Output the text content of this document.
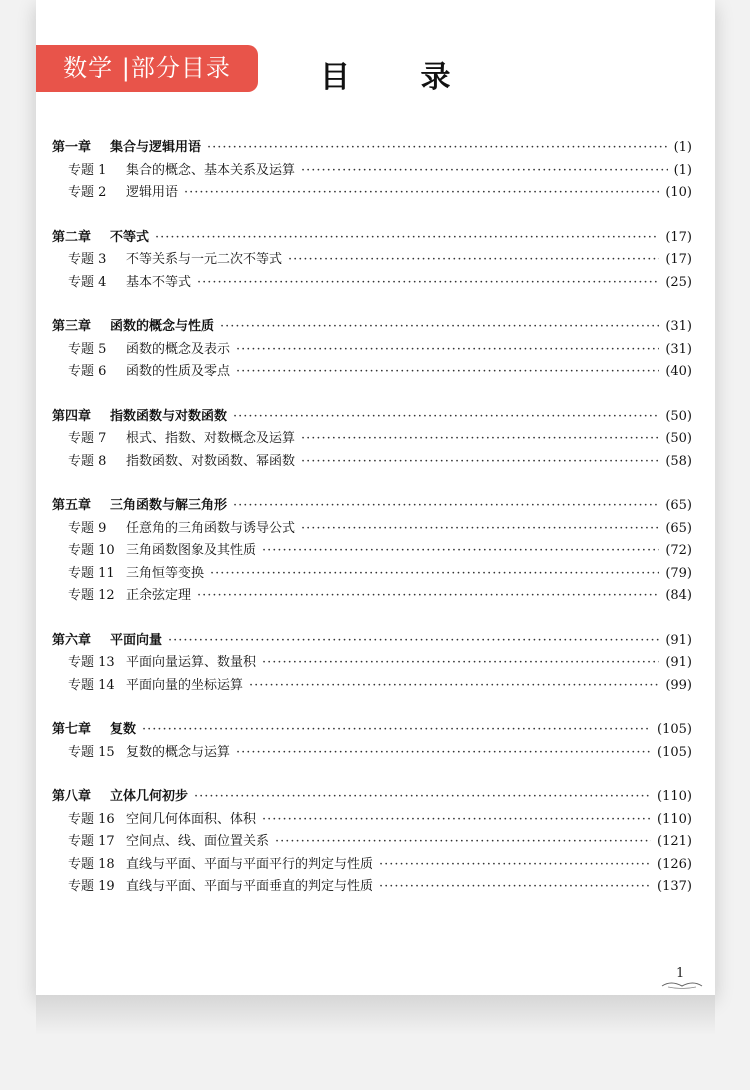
数学 |部分目录	目 录
第一章	集合与逻辑用语 ·····	(1)
专题 1	集合的概念、基本关系及运算 ·····	(1)
专题 2	逻辑用语 ·····	(10)
第二章	不等式 ·····	(17)
专题 3	不等关系与一元二次不等式 ·····	(17)
专题 4	基本不等式 ·····	(25)
第三章	函数的概念与性质 ·····	(31)
专题 5	函数的概念及表示 ·····	(31)
专题 6	函数的性质及零点 ·····	(40)
第四章	指数函数与对数函数 ·····	(50)
专题 7	根式、指数、对数概念及运算 ·····	(50)
专题 8	指数函数、对数函数、幂函数 ·····	(58)
第五章	三角函数与解三角形 ·····	(65)
专题 9	任意角的三角函数与诱导公式 ·····	(65)
专题 10 三角函数图象及其性质 ·····	(72)
专题 11 三角恒等变换 ·····	(79)
专题 12 正余弦定理 ·····	(84)
第六章	平面向量 ·····	(91)
专题 13 平面向量运算、数量积 ·····	(91)
专题 14 平面向量的坐标运算 ·····	(99)
第七章	复数 ·····	(105)
专题 15 复数的概念与运算 ·····	(105)
第八章	立体几何初步 ·····	(110)
专题 16 空间几何体面积、体积 ·····	(110)
专题 17 空间点、线、面位置关系 ·····	(121)
专题 18 直线与平面、平面与平面平行的判定与性质 ·····	(126)
专题 19 直线与平面、平面与平面垂直的判定与性质 ·····	(137)
1
